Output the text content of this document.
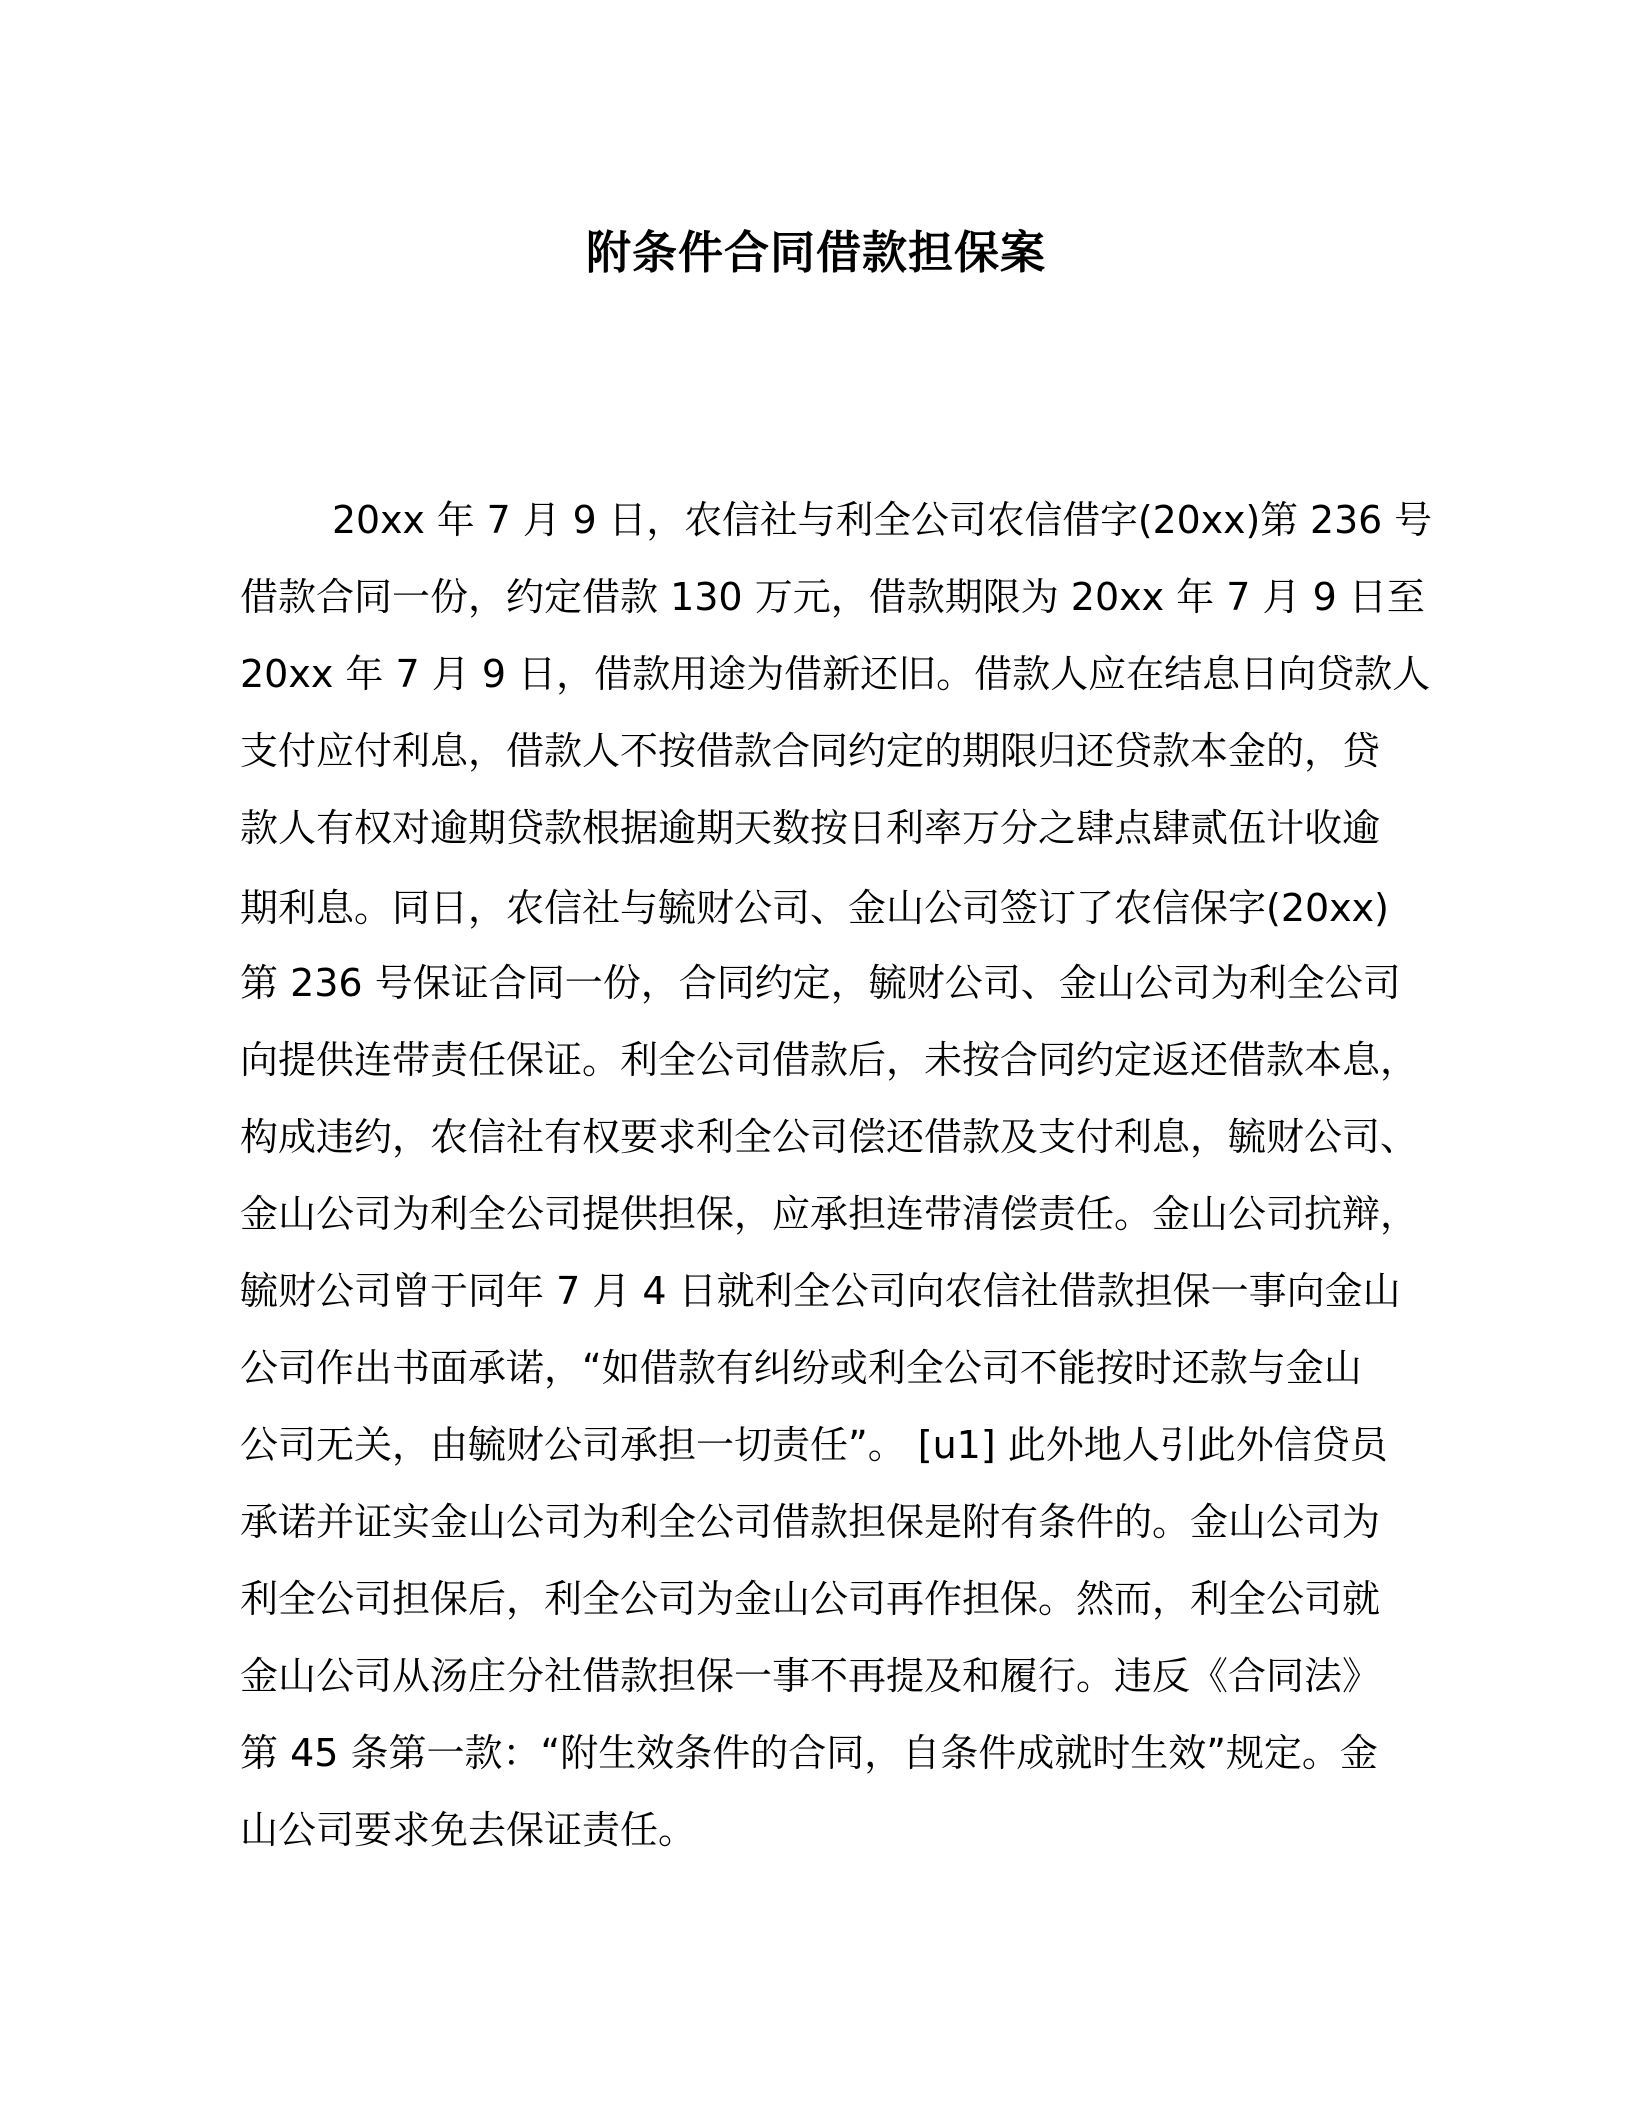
附条件合同借款担保案
20xx 年 7 月 9 日，农信社与利全公司农信借字(20xx)第 236 号
借款合同一份，约定借款 130 万元，借款期限为 20xx 年 7 月 9 日至
20xx 年 7 月 9 日，借款用途为借新还旧。借款人应在结息日向贷款人
支付应付利息，借款人不按借款合同约定的期限归还贷款本金的，贷
款人有权对逾期贷款根据逾期天数按日利率万分之肆点肆贰伍计收逾
期利息。同日，农信社与毓财公司、金山公司签订了农信保字(20xx)
第 236 号保证合同一份，合同约定，毓财公司、金山公司为利全公司
向提供连带责任保证。利全公司借款后，未按合同约定返还借款本息，
构成违约，农信社有权要求利全公司偿还借款及支付利息，毓财公司、
金山公司为利全公司提供担保，应承担连带清偿责任。金山公司抗辩，
毓财公司曾于同年 7 月 4 日就利全公司向农信社借款担保一事向金山
公司作出书面承诺，“如借款有纠纷或利全公司不能按时还款与金山
公司无关，由毓财公司承担一切责任”。 [u1] 此外地人引此外信贷员
承诺并证实金山公司为利全公司借款担保是附有条件的。金山公司为
利全公司担保后，利全公司为金山公司再作担保。然而，利全公司就
金山公司从汤庄分社借款担保一事不再提及和履行。违反《合同法》
第 45 条第一款：“附生效条件的合同，自条件成就时生效”规定。金
山公司要求免去保证责任。
